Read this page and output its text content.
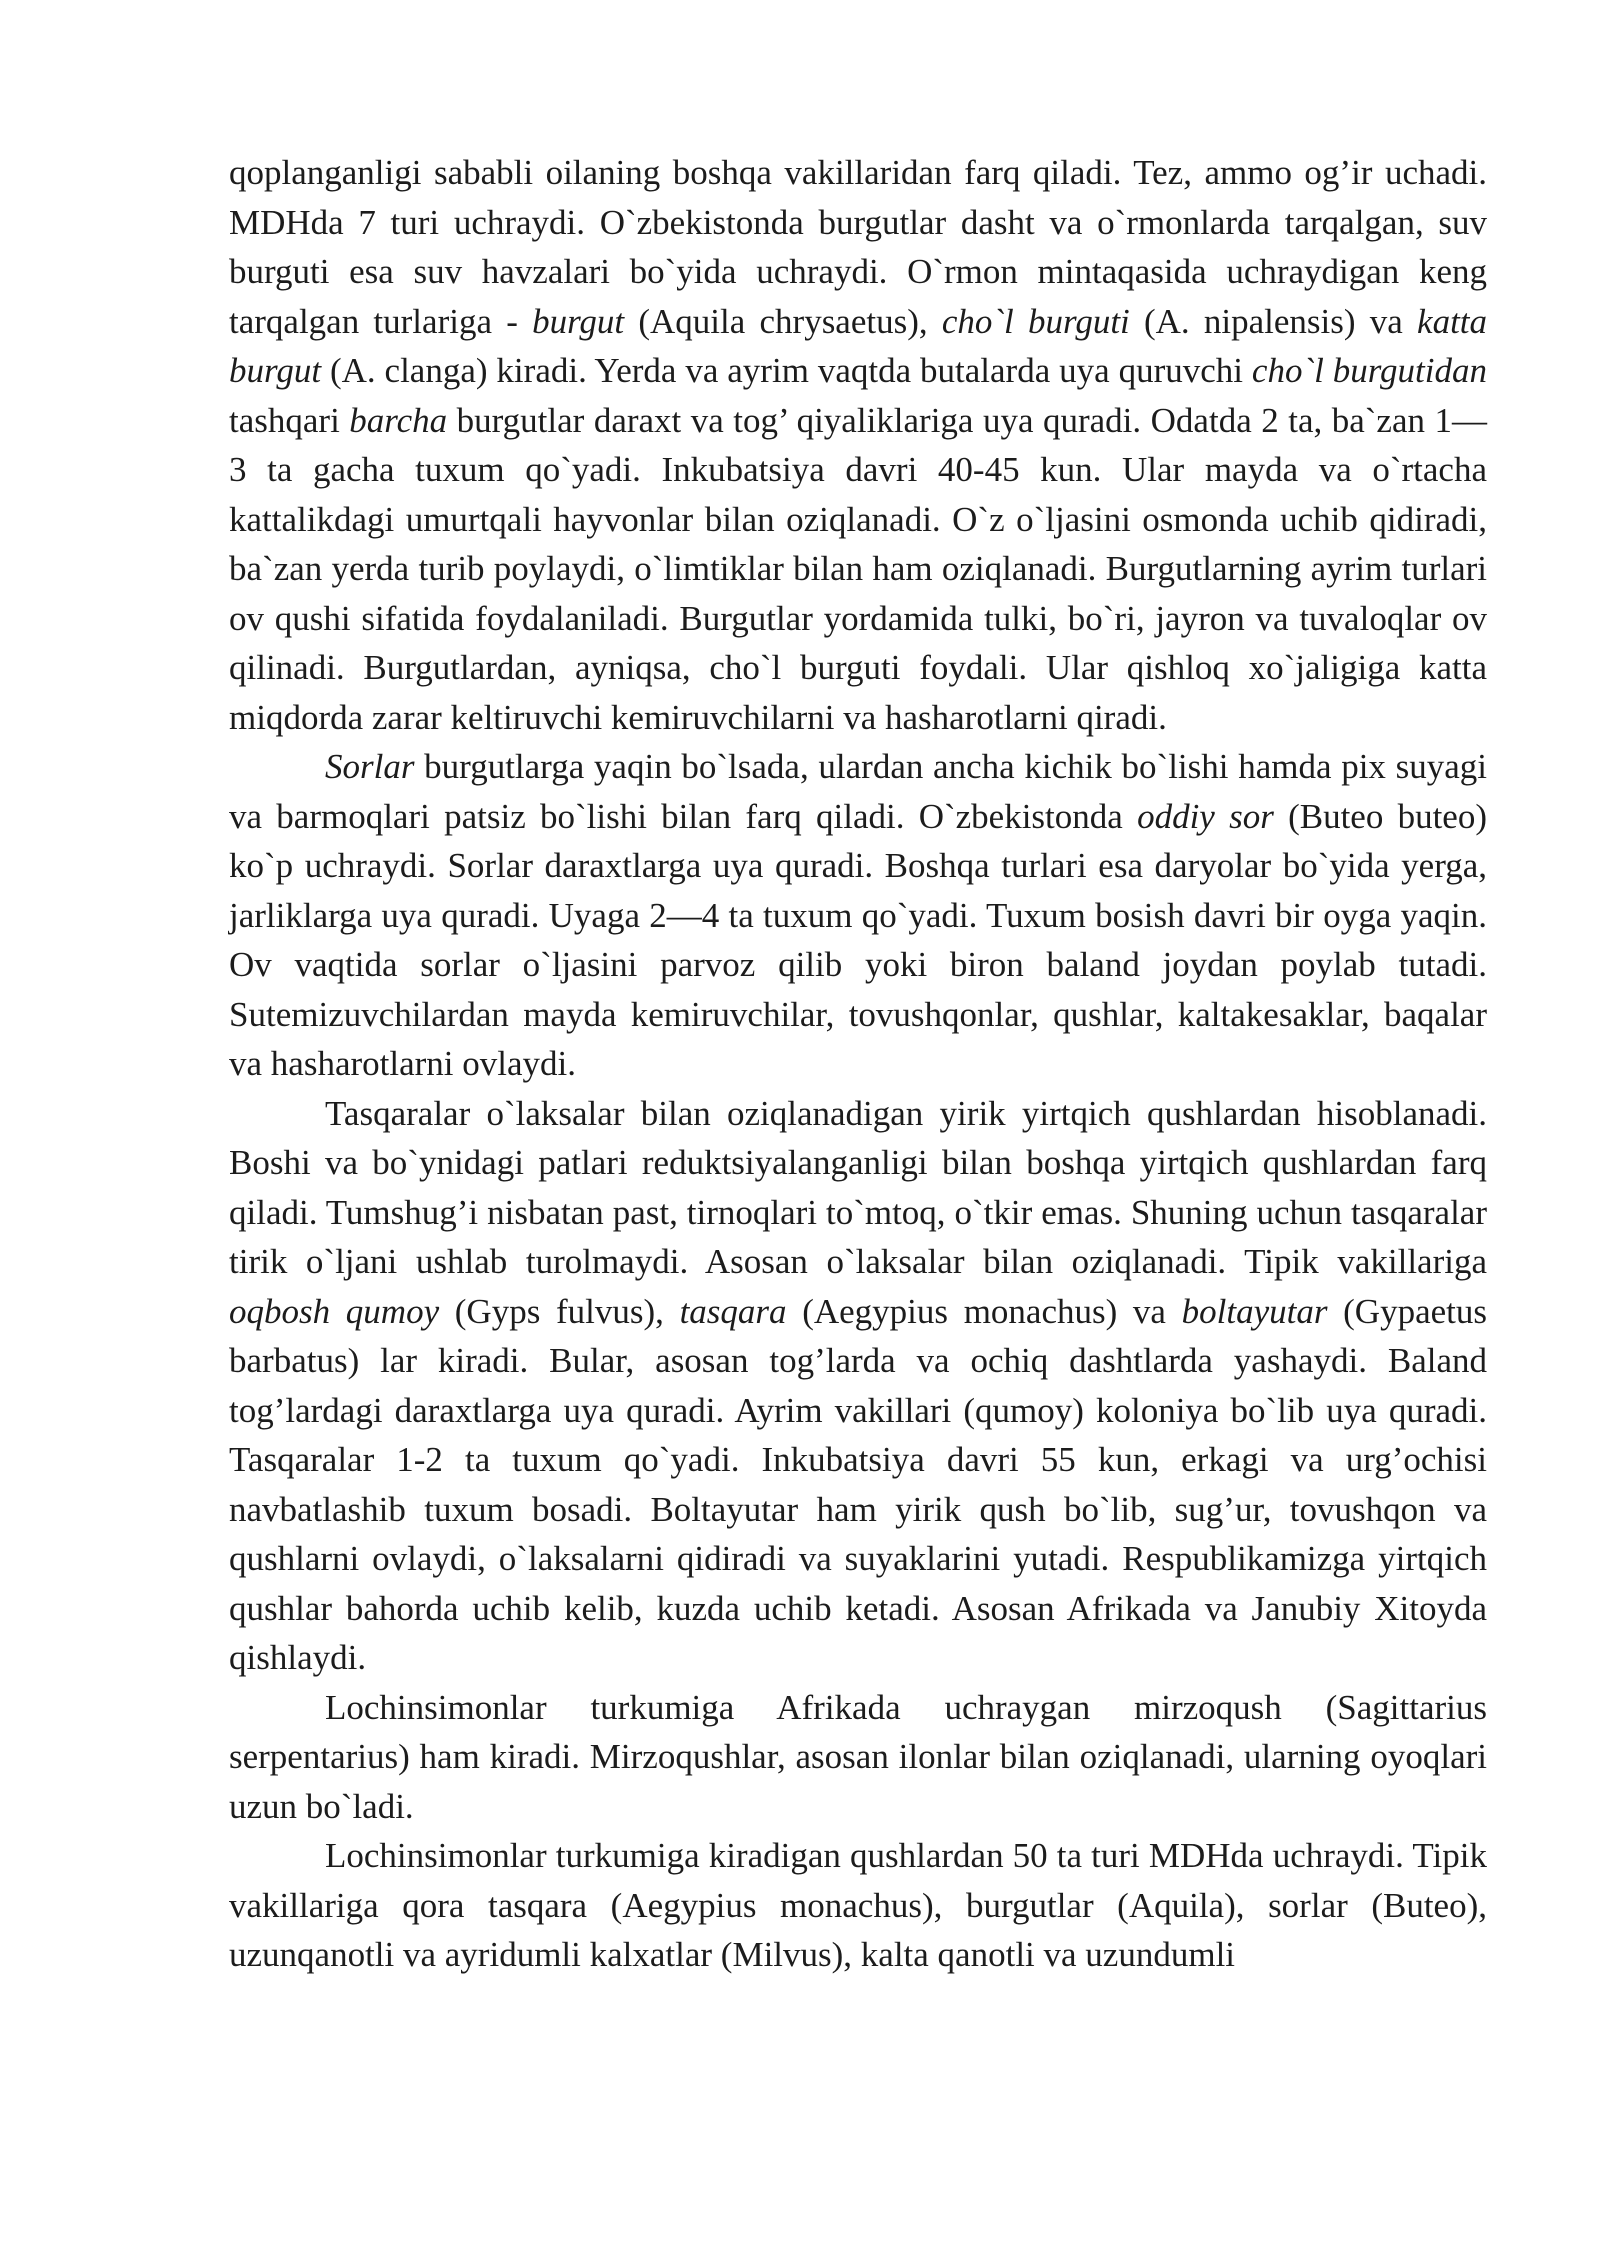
qoplanganligi sababli oilaning boshqa vakillaridan farq qiladi. Tez, ammo og’ir uchadi. MDHda 7 turi uchraydi. O`zbekistonda burgutlar dasht va o`rmonlarda tarqalgan, suv burguti esa suv havzalari bo`yida uchraydi. O`rmon mintaqasida uchraydigan keng tarqalgan turlariga - burgut (Aquila chrysaetus), cho`l burguti (A. nipalensis) va katta burgut (A. clanga) kiradi. Yerda va ayrim vaqtda butalarda uya quruvchi cho`l burgutidan tashqari barcha burgutlar daraxt va tog’ qiyaliklariga uya quradi. Odatda 2 ta, ba`zan 1—3 ta gacha tuxum qo`yadi. Inkubatsiya davri 40-45 kun. Ular mayda va o`rtacha kattalikdagi umurtqali hayvonlar bilan oziqlanadi. O`z o`ljasini osmonda uchib qidiradi, ba`zan yerda turib poylaydi, o`limtiklar bilan ham oziqlanadi. Burgutlarning ayrim turlari ov qushi sifatida foydalaniladi. Burgutlar yordamida tulki, bo`ri, jayron va tuvaloqlar ov qilinadi. Burgutlardan, ayniqsa, cho`l burguti foydali. Ular qishloq xo`jaligiga katta miqdorda zarar keltiruvchi kemiruvchilarni va hasharotlarni qiradi.

Sorlar burgutlarga yaqin bo`lsada, ulardan ancha kichik bo`lishi hamda pix suyagi va barmoqlari patsiz bo`lishi bilan farq qiladi. O`zbekistonda oddiy sor (Buteo buteo) ko`p uchraydi. Sorlar daraxtlarga uya quradi. Boshqa turlari esa daryolar bo`yida yerga, jarliklarga uya quradi. Uyaga 2—4 ta tuxum qo`yadi. Tuxum bosish davri bir oyga yaqin. Ov vaqtida sorlar o`ljasini parvoz qilib yoki biron baland joydan poylab tutadi. Sutemizuvchilardan mayda kemiruvchilar, tovushqonlar, qushlar, kaltakesaklar, baqalar va hasharotlarni ovlaydi.

Tasqaralar o`laksalar bilan oziqlanadigan yirik yirtqich qushlardan hisoblanadi. Boshi va bo`ynidagi patlari reduktsiyalanganligi bilan boshqa yirtqich qushlardan farq qiladi. Tumshug’i nisbatan past, tirnoqlari to`mtoq, o`tkir emas. Shuning uchun tasqaralar tirik o`ljani ushlab turolmaydi. Asosan o`laksalar bilan oziqlanadi. Tipik vakillariga oqbosh qumoy (Gyps fulvus), tasqara (Aegypius monachus) va boltayutar (Gypaetus barbatus) lar kiradi. Bular, asosan tog’larda va ochiq dashtlarda yashaydi. Baland tog’lardagi daraxtlarga uya quradi. Ayrim vakillari (qumoy) koloniya bo`lib uya quradi. Tasqaralar 1-2 ta tuxum qo`yadi. Inkubatsiya davri 55 kun, erkagi va urg’ochisi navbatlashib tuxum bosadi. Boltayutar ham yirik qush bo`lib, sug’ur, tovushqon va qushlarni ovlaydi, o`laksalarni qidiradi va suyaklarini yutadi. Respublikamizga yirtqich qushlar bahorda uchib kelib, kuzda uchib ketadi. Asosan Afrikada va Janubiy Xitoyda qishlaydi.

Lochinsimonlar turkumiga Afrikada uchraygan mirzoqush (Sagittarius serpentarius) ham kiradi. Mirzoqushlar, asosan ilonlar bilan oziqlanadi, ularning oyoqlari uzun bo`ladi.

Lochinsimonlar turkumiga kiradigan qushlardan 50 ta turi MDHda uchraydi. Tipik vakillariga qora tasqara (Aegypius monachus), burgutlar (Aquila), sorlar (Buteo), uzunqanotli va ayridumli kalxatlar (Milvus), kalta qanotli va uzundumli
